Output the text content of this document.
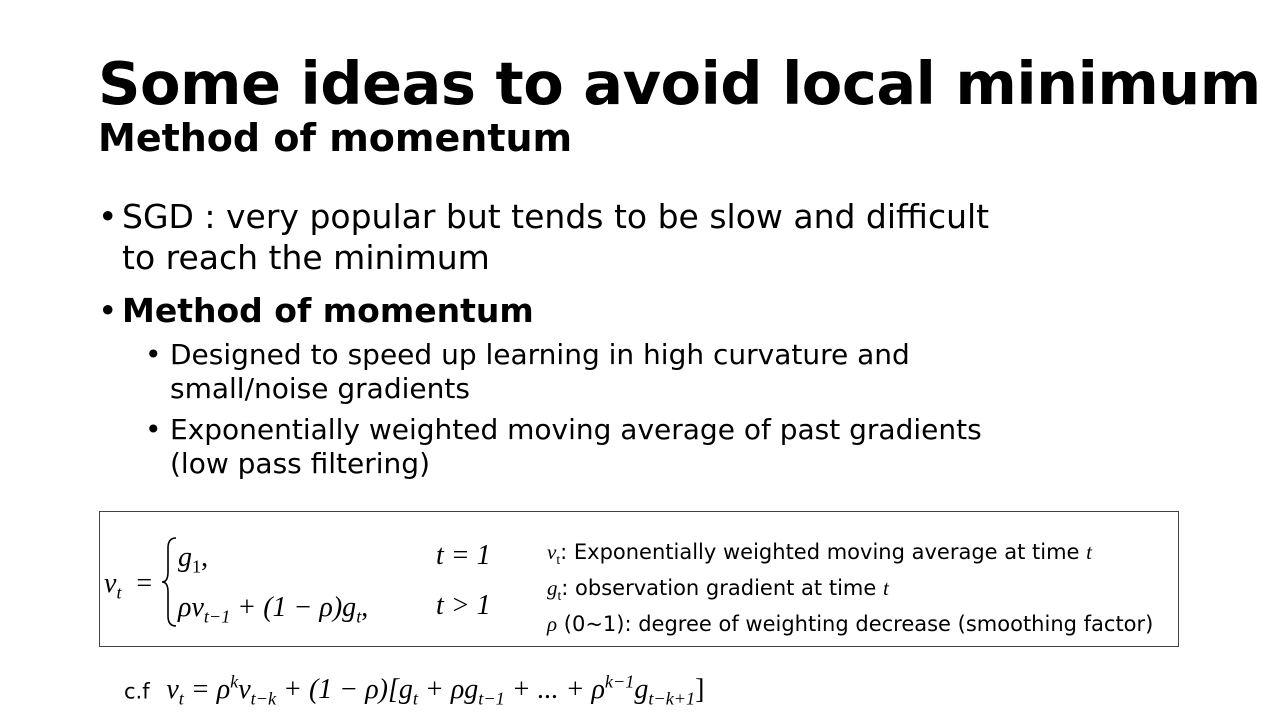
Some ideas to avoid local minimum
Method of momentum
• SGD : very popular but tends to be slow and difficult
to reach the minimum
• Method of momentum
• Designed to speed up learning in high curvature and
small/noise gradients
• Exponentially weighted moving average of past gradients
(low pass filtering)
$v_t$ =
$g_1$,	t = 1
$\rho v_{t-1} + (1 - \rho)g_t$, t > 1
$v_t$: Exponentially weighted moving average at time t
$g_t$: observation gradient at time t
ρ (0~1): degree of weighting decrease (smoothing factor)
c.f $v_t = \rho^kv_{t-k} + (1 - \rho)[g_t + \rho g_{t-1}$ + ... + $\rho^{k-1}g_{t-k+1}$]
